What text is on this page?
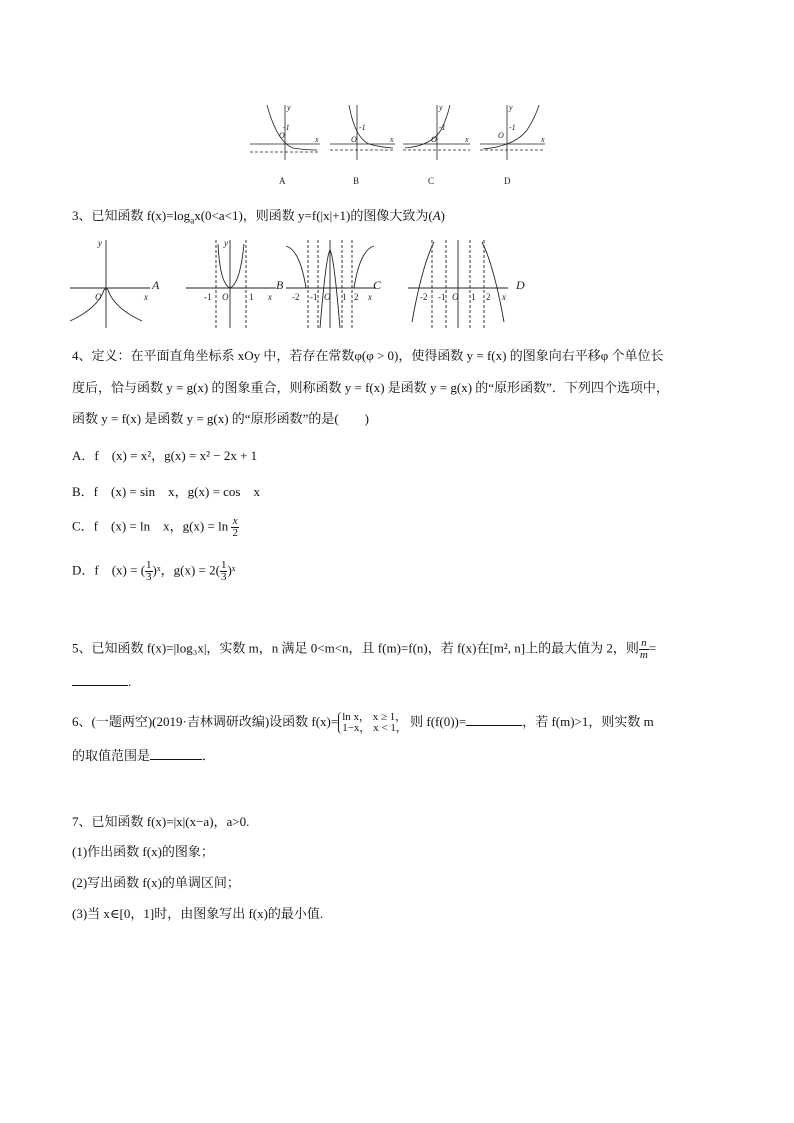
y
x
O
-1
O
-1
x	O
-1
y
x	O
-1
y
x
A	B	C	D
3、已知函数 $f(x)=\log_ax(0<a<1)$，则函数 y=f(|x|+1)的图像大致为(A)
y
x
O
y
O	x	O	x	O	x
-1	1	-2 -1	1 2	-2 -1	1 2
A	B	C	D
4、定义：在平面直角坐标系 xOy 中，若存在常数φ(φ > 0)，使得函数 y = f(x) 的图象向右平移φ 个单位长
度后，恰与函数 y = g(x) 的图象重合，则称函数 y = f(x) 是函数 y = g(x) 的“原形函数”．下列四个选项中，
函数 y = f(x) 是函数 y = g(x) 的“原形函数”的是(　　)
A．f　(x) = x²，g(x) = x² − 2x + 1
B．f　(x) = sin　x，g(x) = cos　x
C．f　(x) = ln　x，$g(x) = \ln \frac{x}{2}$
D．f　(x) = ( $\frac{1}{3}$ )ˣ，$g(x) = 2( \frac{1}{3}$ )ˣ
5、已知函数 f(x)=|log₃x|，实数 m，n 满足 0<m<n，且 f(m)=f(n)，若 f(x)在[m², n]上的最大值为 2，则 $\frac{n}{m}$ =
.
6、(一题两空)(2019·吉林调研改编)设函数 f(x)= ln x， x ≥ 1，
1−x， x < 1， 则 f(f(0))=	，若 f(m)>1，则实数 m
的取值范围是	．
7、已知函数 f(x)=|x|(x−a)，a>0.
(1)作出函数 f(x)的图象；
(2)写出函数 f(x)的单调区间；
(3)当 x∈[0，1]时，由图象写出 f(x)的最小值.
